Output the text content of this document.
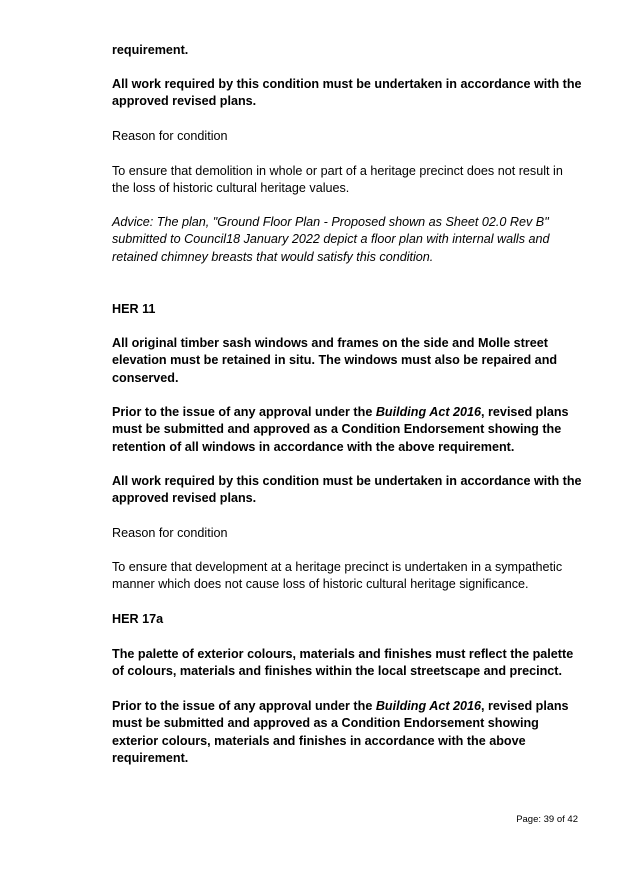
requirement.

All work required by this condition must be undertaken in accordance with the approved revised plans.

Reason for condition

To ensure that demolition in whole or part of a heritage precinct does not result in the loss of historic cultural heritage values.

Advice: The plan, "Ground Floor Plan - Proposed shown as Sheet 02.0 Rev B" submitted to Council18 January 2022 depict a floor plan with internal walls and retained chimney breasts that would satisfy this condition.

HER 11

All original timber sash windows and frames on the side and Molle street elevation must be retained in situ. The windows must also be repaired and conserved.

Prior to the issue of any approval under the Building Act 2016, revised plans must be submitted and approved as a Condition Endorsement showing the retention of all windows in accordance with the above requirement.

All work required by this condition must be undertaken in accordance with the approved revised plans.

Reason for condition

To ensure that development at a heritage precinct is undertaken in a sympathetic manner which does not cause loss of historic cultural heritage significance.

HER 17a

The palette of exterior colours, materials and finishes must reflect the palette of colours, materials and finishes within the local streetscape and precinct.

Prior to the issue of any approval under the Building Act 2016, revised plans must be submitted and approved as a Condition Endorsement showing exterior colours, materials and finishes in accordance with the above requirement.

Page: 39 of 42
